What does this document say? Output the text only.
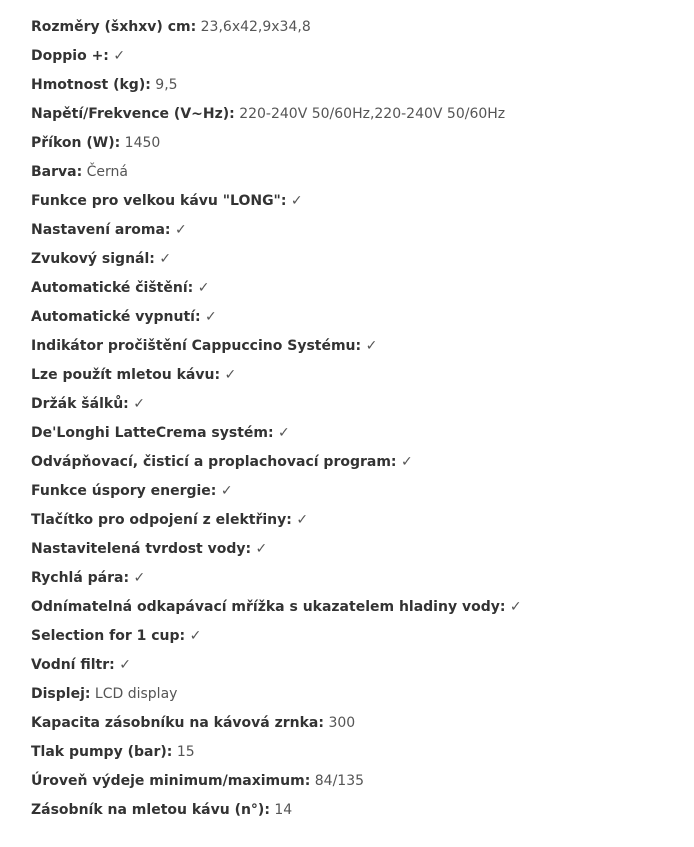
Rozměry (šxhxv) cm: 23,6x42,9x34,8
Doppio +: ✓
Hmotnost (kg): 9,5
Napětí/Frekvence (V~Hz): 220-240V 50/60Hz,220-240V 50/60Hz
Příkon (W): 1450
Barva: Černá
Funkce pro velkou kávu "LONG": ✓
Nastavení aroma: ✓
Zvukový signál: ✓
Automatické čištění: ✓
Automatické vypnutí: ✓
Indikátor pročištění Cappuccino Systému: ✓
Lze použít mletou kávu: ✓
Držák šálků: ✓
De'Longhi LatteCrema systém: ✓
Odvápňovací, čisticí a proplachovací program: ✓
Funkce úspory energie: ✓
Tlačítko pro odpojení z elektřiny: ✓
Nastavitelená tvrdost vody: ✓
Rychlá pára: ✓
Odnímatelná odkapávací mřížka s ukazatelem hladiny vody: ✓
Selection for 1 cup: ✓
Vodní filtr: ✓
Displej: LCD display
Kapacita zásobníku na kávová zrnka: 300
Tlak pumpy (bar): 15
Úroveň výdeje minimum/maximum: 84/135
Zásobník na mletou kávu (n°): 14
